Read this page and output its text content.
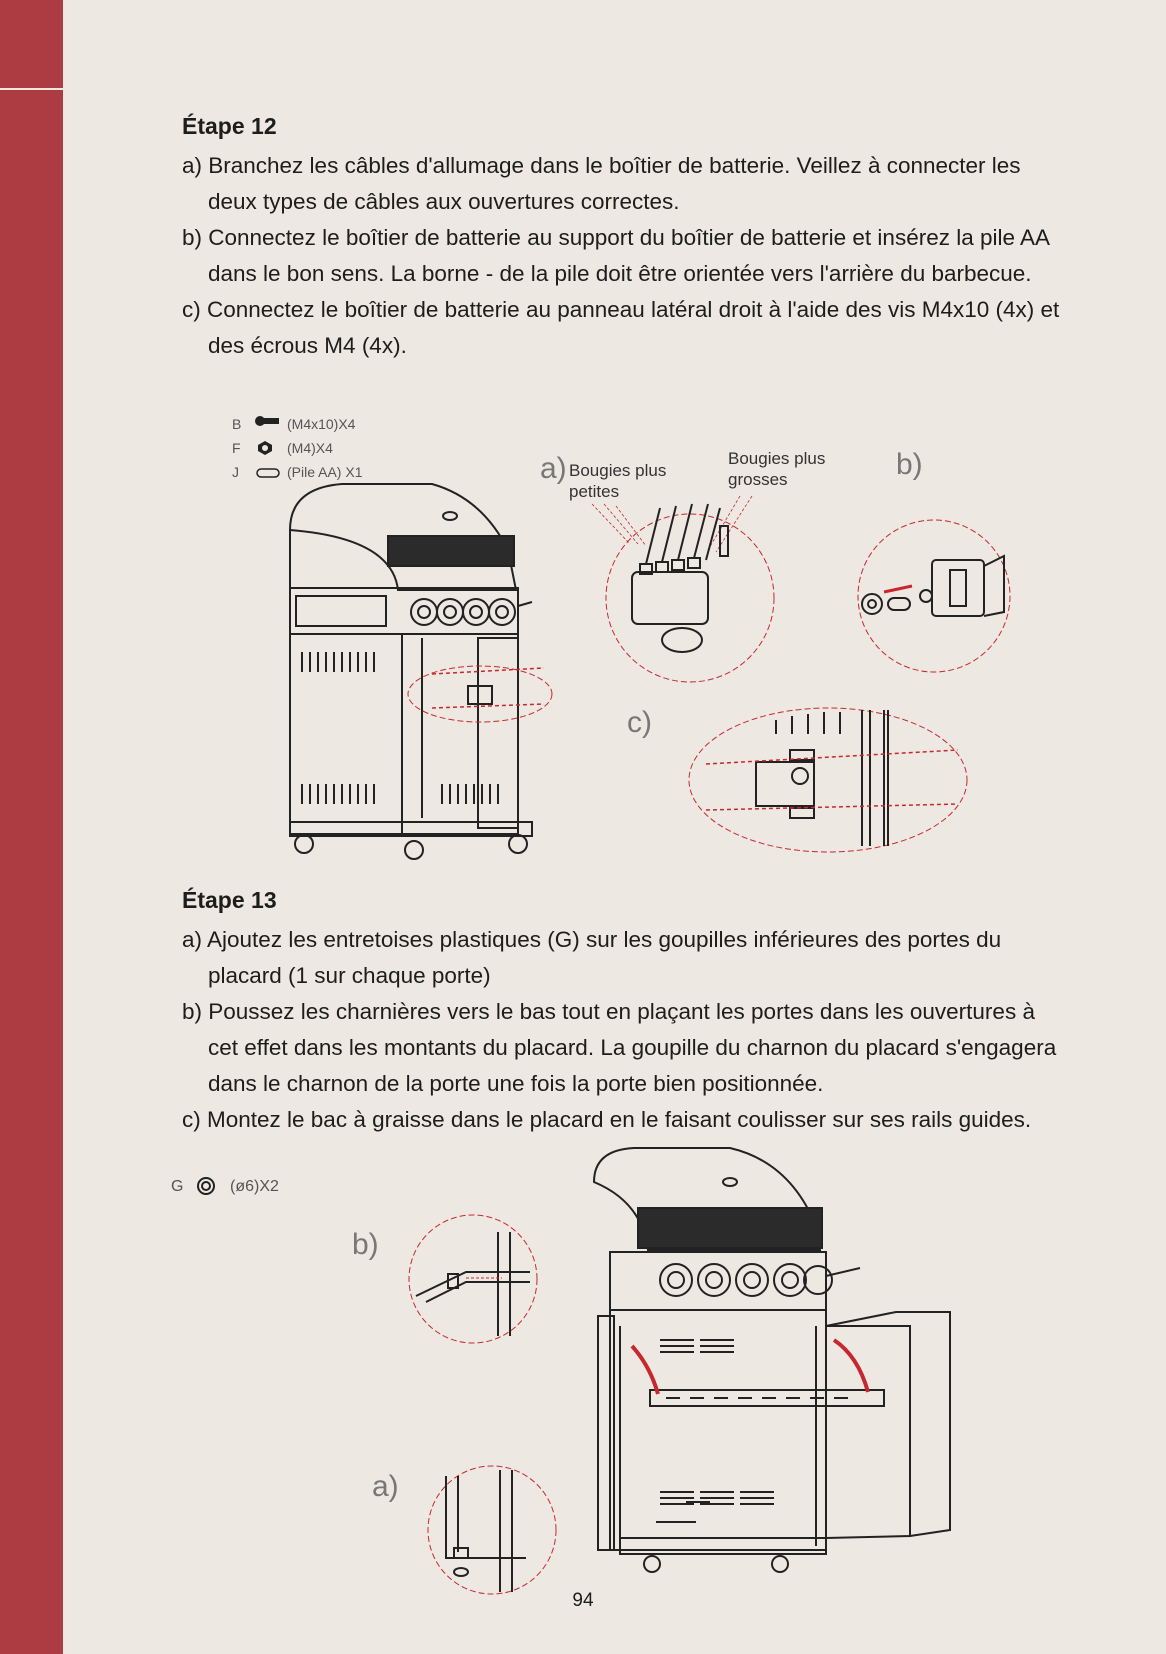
Étape 12

a) Branchez les câbles d'allumage dans le boîtier de batterie. Veillez à connecter les deux types de câbles aux ouvertures correctes.

b) Connectez le boîtier de batterie au support du boîtier de batterie et insérez la pile AA dans le bon sens. La borne - de la pile doit être orientée vers l'arrière du barbecue.

c) Connectez le boîtier de batterie au panneau latéral droit à l'aide des vis M4x10 (4x) et des écrous M4 (4x).

B	(M4x10)X4
F	(M4)X4
J	(Pile AA) X1	a) Bougies plus petites
Bougies plus grosses	b)
c)
Étape 13

a) Ajoutez les entretoises plastiques (G) sur les goupilles inférieures des portes du placard (1 sur chaque porte)

b) Poussez les charnières vers le bas tout en plaçant les portes dans les ouvertures à cet effet dans les montants du placard. La goupille du charnon du placard s'engagera dans le charnon de la porte une fois la porte bien positionnée.

c) Montez le bac à graisse dans le placard en le faisant coulisser sur ses rails guides.

G	(ø6)X2
b)
a)
94
